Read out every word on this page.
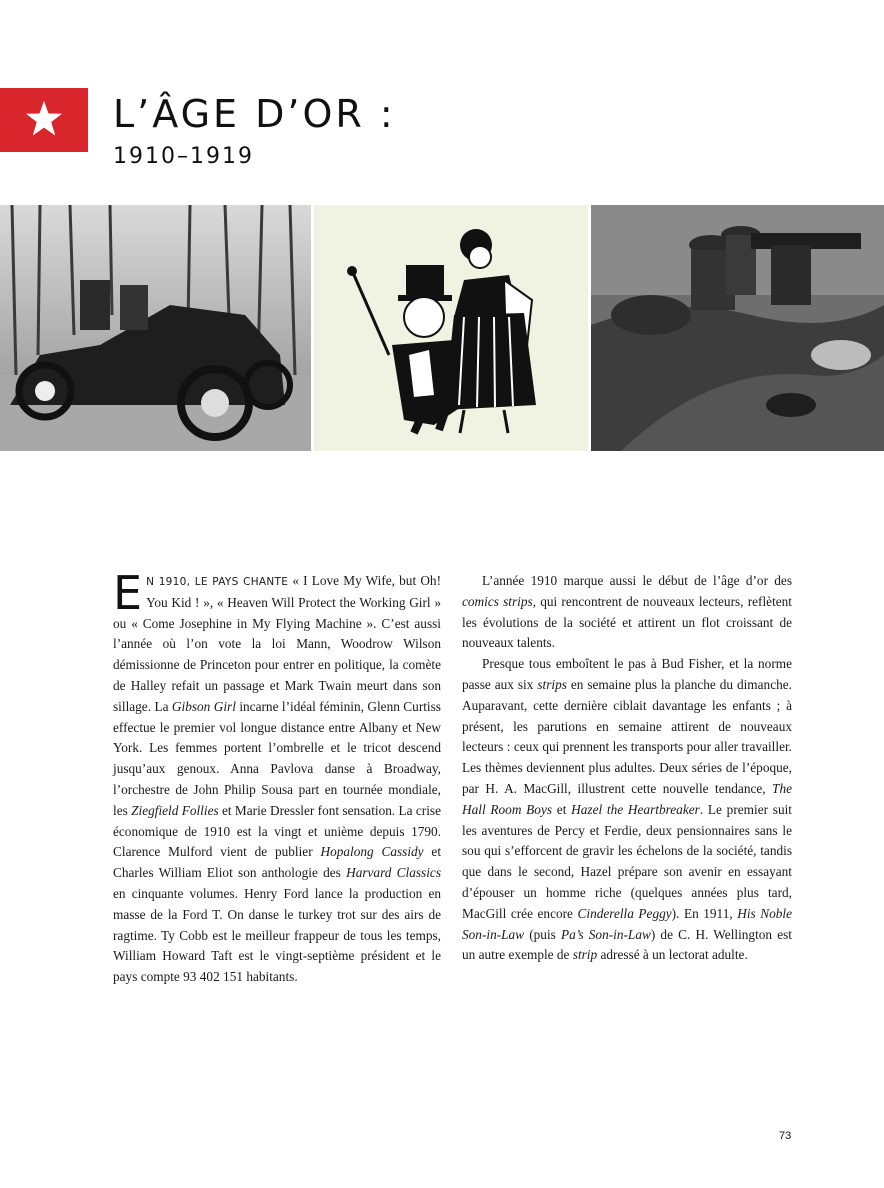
L’ÂGE D’OR :
1910–1919

E N 1910, LE PAYS CHANTE « I Love My Wife, but Oh! You Kid ! », « Heaven Will Protect the Working Girl » ou « Come Josephine in My Flying Machine ». C’est aussi l’année où l’on vote la loi Mann, Woodrow Wilson démissionne de Princeton pour entrer en politique, la comète de Halley refait un passage et Mark Twain meurt dans son sillage. La Gibson Girl incarne l’idéal féminin, Glenn Curtiss effectue le premier vol longue distance entre Albany et New York. Les femmes portent l’ombrelle et le tricot descend jusqu’aux genoux. Anna Pavlova danse à Broadway, l’orchestre de John Philip Sousa part en tournée mondiale, les Ziegfield Follies et Marie Dressler font sensation. La crise économique de 1910 est la vingt et unième depuis 1790. Clarence Mulford vient de publier Hopalong Cassidy et Charles William Eliot son anthologie des Harvard Classics en cinquante volumes. Henry Ford lance la production en masse de la Ford T. On danse le turkey trot sur des airs de ragtime. Ty Cobb est le meilleur frappeur de tous les temps, William Howard Taft est le vingt-septième président et le pays compte 93 402 151 habitants.

L’année 1910 marque aussi le début de l’âge d’or des comics strips, qui rencontrent de nouveaux lecteurs, reflètent les évolutions de la société et attirent un flot croissant de nouveaux talents.

Presque tous emboîtent le pas à Bud Fisher, et la norme passe aux six strips en semaine plus la planche du dimanche. Auparavant, cette dernière ciblait davantage les enfants ; à présent, les parutions en semaine attirent de nouveaux lecteurs : ceux qui prennent les transports pour aller travailler. Les thèmes deviennent plus adultes. Deux séries de l’époque, par H. A. MacGill, illustrent cette nouvelle tendance, The Hall Room Boys et Hazel the Heartbreaker. Le premier suit les aventures de Percy et Ferdie, deux pensionnaires sans le sou qui s’efforcent de gravir les échelons de la société, tandis que dans le second, Hazel prépare son avenir en essayant d’épouser un homme riche (quelques années plus tard, MacGill crée encore Cinderella Peggy). En 1911, His Noble Son-in-Law (puis Pa’s Son-in-Law) de C. H. Wellington est un autre exemple de strip adressé à un lectorat adulte.

73
